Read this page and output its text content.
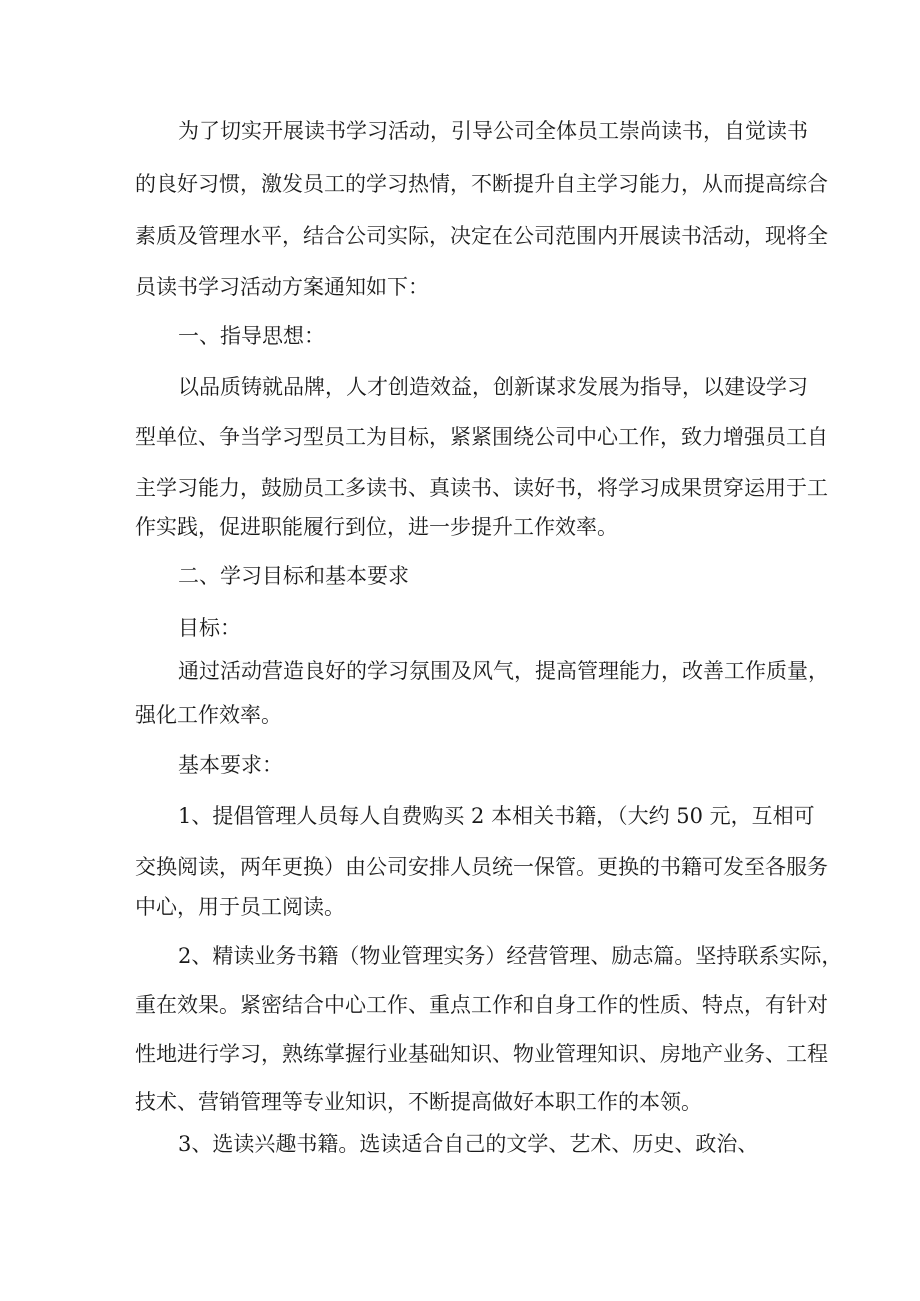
为了切实开展读书学习活动，引导公司全体员工崇尚读书，自觉读书
的良好习惯，激发员工的学习热情，不断提升自主学习能力，从而提高综合
素质及管理水平，结合公司实际，决定在公司范围内开展读书活动，现将全
员读书学习活动方案通知如下：
一、指导思想：
以品质铸就品牌，人才创造效益，创新谋求发展为指导，以建设学习
型单位、争当学习型员工为目标，紧紧围绕公司中心工作，致力增强员工自
主学习能力，鼓励员工多读书、真读书、读好书，将学习成果贯穿运用于工
作实践，促进职能履行到位，进一步提升工作效率。
二、学习目标和基本要求
目标：
通过活动营造良好的学习氛围及风气，提高管理能力，改善工作质量，
强化工作效率。
基本要求：
1、提倡管理人员每人自费购买 2 本相关书籍，（大约 50 元，互相可
交换阅读，两年更换）由公司安排人员统一保管。更换的书籍可发至各服务
中心，用于员工阅读。
2、精读业务书籍（物业管理实务）经营管理、励志篇。坚持联系实际，
重在效果。紧密结合中心工作、重点工作和自身工作的性质、特点，有针对
性地进行学习，熟练掌握行业基础知识、物业管理知识、房地产业务、工程
技术、营销管理等专业知识，不断提高做好本职工作的本领。
3、选读兴趣书籍。选读适合自己的文学、艺术、历史、政治、
